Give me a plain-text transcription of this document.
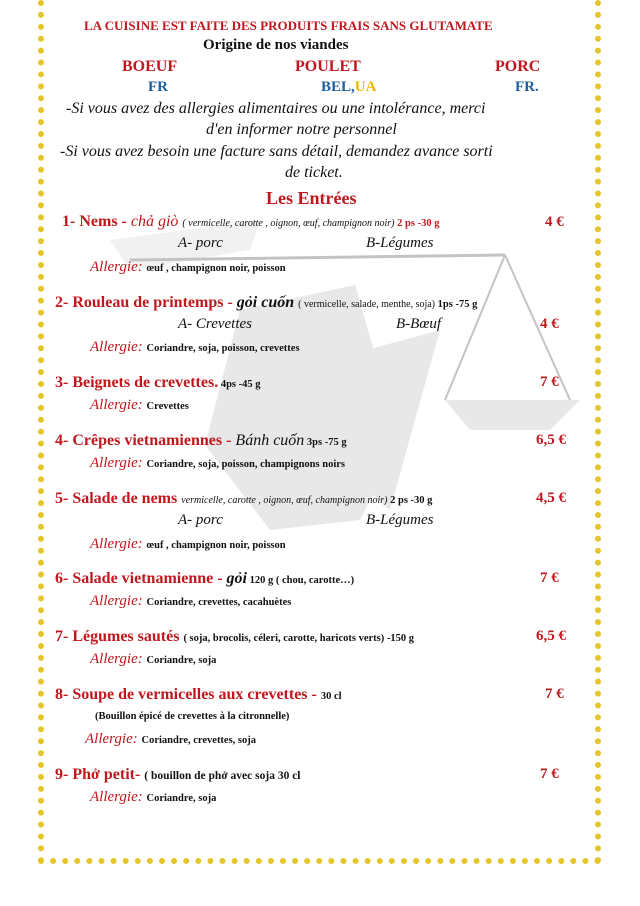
LA CUISINE EST FAITE DES PRODUITS FRAIS SANS GLUTAMATE
Origine de nos viandes
BOEUF	POULET	PORC
FR	BEL,UA	FR.
-Si vous avez des allergies alimentaires ou une intolérance, merci
d'en informer notre personnel
-Si vous avez besoin une facture sans détail, demandez avance sorti
de ticket.
Les Entrées
1- Nems - chả giò ( vermicelle, carotte , oignon, œuf, champignon noir) 2 ps -30 g	4 €
A- porc	B-Légumes
Allergie: œuf , champignon noir, poisson
2- Rouleau de printemps - gỏi cuốn ( vermicelle, salade, menthe, soja) 1ps -75 g
A- Crevettes	B-Bœuf	4 €
Allergie: Coriandre, soja, poisson, crevettes
3- Beignets de crevettes. 4ps -45 g	7 €
Allergie: Crevettes
4- Crêpes vietnamiennes - Bánh cuốn 3ps -75 g	6,5 €
Allergie: Coriandre, soja, poisson, champignons noirs
5- Salade de nems vermicelle, carotte , oignon, œuf, champignon noir) 2 ps -30 g	4,5 €
A- porc	B-Légumes
Allergie: œuf , champignon noir, poisson
6- Salade vietnamienne - gỏi 120 g ( chou, carotte…)	7 €
Allergie: Coriandre, crevettes, cacahuètes
7- Légumes sautés ( soja, brocolis, céleri, carotte, haricots verts) -150 g	6,5 €
Allergie: Coriandre, soja
8- Soupe de vermicelles aux crevettes - 30 cl	7 €
(Bouillon épicé de crevettes à la citronnelle)
Allergie: Coriandre, crevettes, soja
9- Phở petit- ( bouillon de phở avec soja 30 cl	7 €
Allergie: Coriandre, soja
